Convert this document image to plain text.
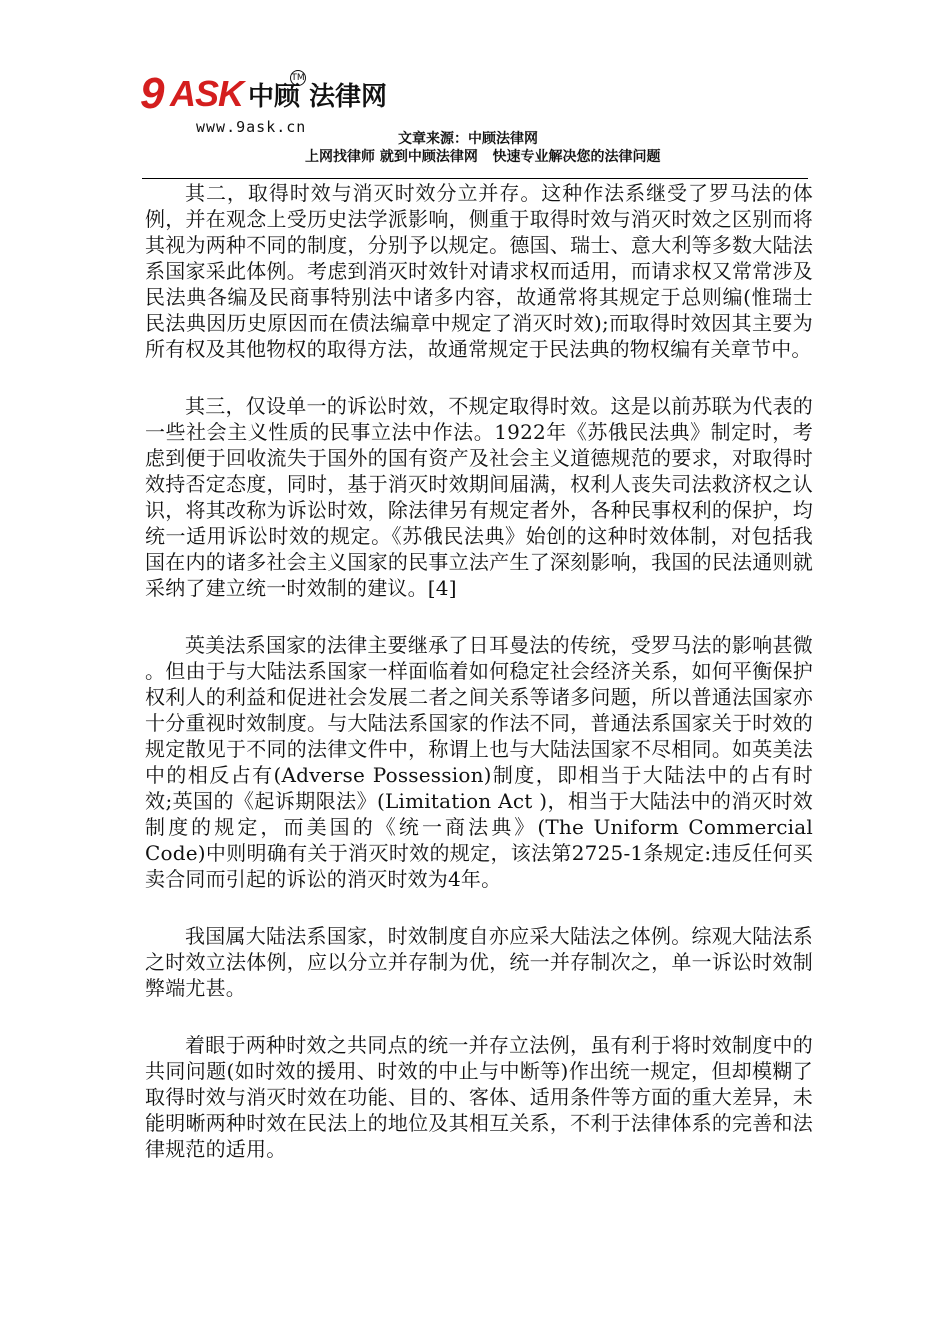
9 ASK 中顾 法律网
TM
www.9ask.cn
文章来源：中顾法律网
上网找律师 就到中顾法律网   快速专业解决您的法律问题

其二，取得时效与消灭时效分立并存。这种作法系继受了罗马法的体例，并在观念上受历史法学派影响，侧重于取得时效与消灭时效之区别而将其视为两种不同的制度，分别予以规定。德国、瑞士、意大利等多数大陆法系国家采此体例。考虑到消灭时效针对请求权而适用，而请求权又常常涉及民法典各编及民商事特别法中诸多内容，故通常将其规定于总则编(惟瑞士民法典因历史原因而在债法编章中规定了消灭时效);而取得时效因其主要为所有权及其他物权的取得方法，故通常规定于民法典的物权编有关章节中。

其三，仅设单一的诉讼时效，不规定取得时效。这是以前苏联为代表的一些社会主义性质的民事立法中作法。1922年《苏俄民法典》制定时，考虑到便于回收流失于国外的国有资产及社会主义道德规范的要求，对取得时效持否定态度，同时，基于消灭时效期间届满，权利人丧失司法救济权之认识，将其改称为诉讼时效，除法律另有规定者外，各种民事权利的保护，均统一适用诉讼时效的规定。《苏俄民法典》始创的这种时效体制，对包括我国在内的诸多社会主义国家的民事立法产生了深刻影响，我国的民法通则就采纳了建立统一时效制的建议。[4]

英美法系国家的法律主要继承了日耳曼法的传统，受罗马法的影响甚微 。但由于与大陆法系国家一样面临着如何稳定社会经济关系，如何平衡保护权利人的利益和促进社会发展二者之间关系等诸多问题，所以普通法国家亦十分重视时效制度。与大陆法系国家的作法不同，普通法系国家关于时效的规定散见于不同的法律文件中，称谓上也与大陆法国家不尽相同。如英美法中的相反占有(Adverse Possession)制度，即相当于大陆法中的占有时效;英国的《起诉期限法》(Limitation Act )，相当于大陆法中的消灭时效制度的规定，而美国的《统一商法典》(The Uniform Commercial Code)中则明确有关于消灭时效的规定，该法第2725-1条规定:违反任何买卖合同而引起的诉讼的消灭时效为4年。

我国属大陆法系国家，时效制度自亦应采大陆法之体例。综观大陆法系之时效立法体例，应以分立并存制为优，统一并存制次之，单一诉讼时效制弊端尤甚。

着眼于两种时效之共同点的统一并存立法例，虽有利于将时效制度中的共同问题(如时效的援用、时效的中止与中断等)作出统一规定，但却模糊了取得时效与消灭时效在功能、目的、客体、适用条件等方面的重大差异，未能明晰两种时效在民法上的地位及其相互关系，不利于法律体系的完善和法律规范的适用。
